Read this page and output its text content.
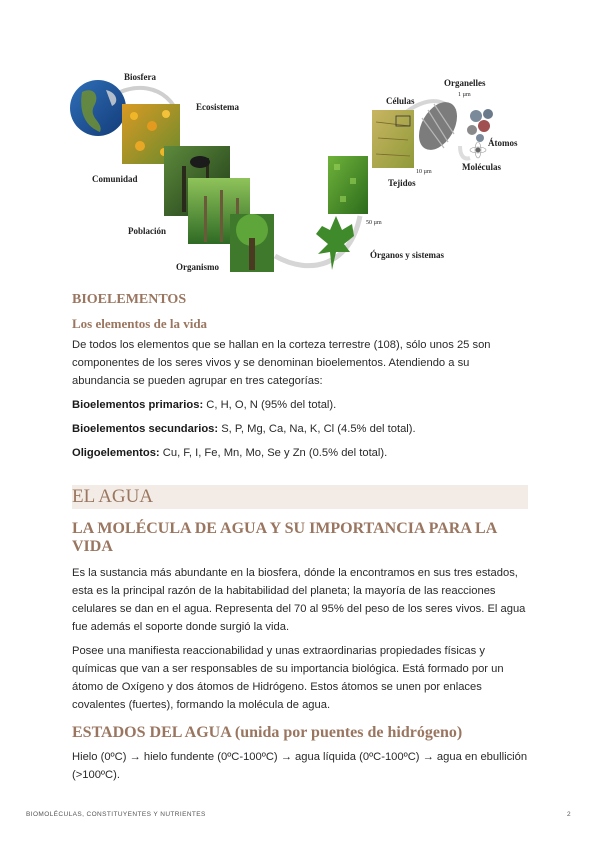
Biosfera
Ecosistema
Comunidad
Población
Organismo
Órganos y sistemas
Tejidos
Células
Organelles
Átomos
Moléculas
1 µm
10 µm
50 µm
BIOELEMENTOS
Los elementos de la vida

De todos los elementos que se hallan en la corteza terrestre (108), sólo unos 25 son componentes de los seres vivos y se denominan bioelementos. Atendiendo a su abundancia se pueden agrupar en tres categorías:

Bioelementos primarios: C, H, O, N (95% del total).

Bioelementos secundarios: S, P, Mg, Ca, Na, K, Cl (4.5% del total).

Oligoelementos: Cu, F, I, Fe, Mn, Mo, Se y Zn (0.5% del total).

EL AGUA
LA MOLÉCULA DE AGUA Y SU IMPORTANCIA PARA LA VIDA

Es la sustancia más abundante en la biosfera, dónde la encontramos en sus tres estados, esta es la principal razón de la habitabilidad del planeta; la mayoría de las reacciones celulares se dan en el agua. Representa del 70 al 95% del peso de los seres vivos. El agua fue además el soporte donde surgió la vida.

Posee una manifiesta reaccionabilidad y unas extraordinarias propiedades físicas y químicas que van a ser responsables de su importancia biológica. Está formado por un átomo de Oxígeno y dos átomos de Hidrógeno. Estos átomos se unen por enlaces covalentes (fuertes), formando la molécula de agua.

ESTADOS DEL AGUA (unida por puentes de hidrógeno)

Hielo (0ºC) → hielo fundente (0ºC-100ºC) → agua líquida (0ºC-100ºC) → agua en ebullición (>100ºC).

BIOMOLÉCULAS, CONSTITUYENTES Y NUTRIENTES	2
